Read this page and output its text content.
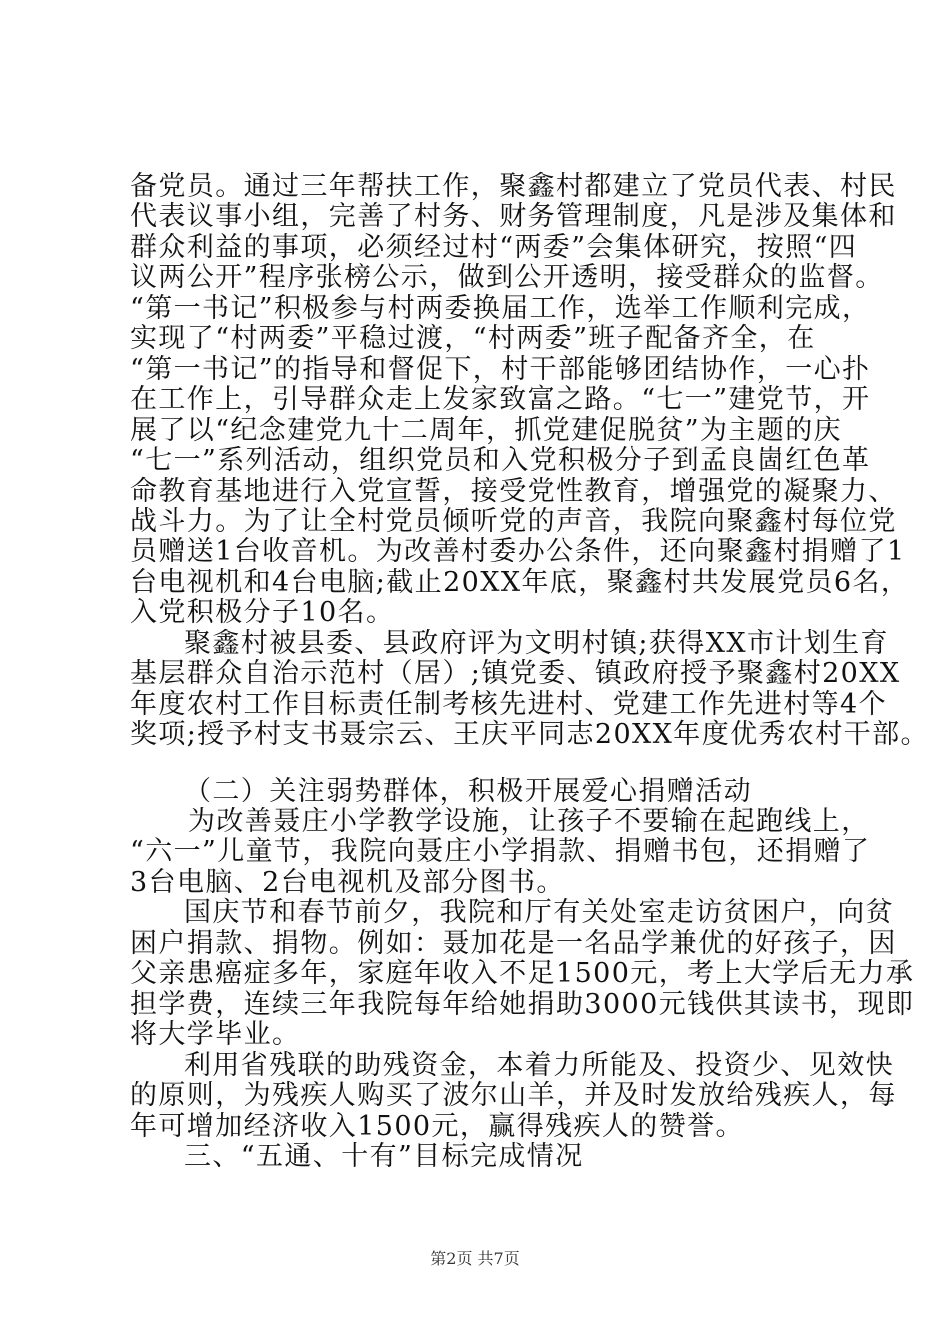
备党员。通过三年帮扶工作，聚鑫村都建立了党员代表、村民
代表议事小组，完善了村务、财务管理制度，凡是涉及集体和
群众利益的事项，必须经过村“两委”会集体研究，按照“四
议两公开”程序张榜公示，做到公开透明，接受群众的监督。
“第一书记”积极参与村两委换届工作，选举工作顺利完成，
实现了“村两委”平稳过渡，“村两委”班子配备齐全，在
“第一书记”的指导和督促下，村干部能够团结协作，一心扑
在工作上，引导群众走上发家致富之路。“七一”建党节，开
展了以“纪念建党九十二周年，抓党建促脱贫”为主题的庆
“七一”系列活动，组织党员和入党积极分子到孟良崮红色革
命教育基地进行入党宣誓，接受党性教育，增强党的凝聚力、
战斗力。为了让全村党员倾听党的声音，我院向聚鑫村每位党
员赠送1台收音机。为改善村委办公条件，还向聚鑫村捐赠了1
台电视机和4台电脑;截止20XX年底，聚鑫村共发展党员6名，
入党积极分子10名。
聚鑫村被县委、县政府评为文明村镇;获得XX市计划生育
基层群众自治示范村（居）;镇党委、镇政府授予聚鑫村20XX
年度农村工作目标责任制考核先进村、党建工作先进村等4个
奖项;授予村支书聂宗云、王庆平同志20XX年度优秀农村干部。
（二）关注弱势群体，积极开展爱心捐赠活动
为改善聂庄小学教学设施，让孩子不要输在起跑线上，
“六一”儿童节，我院向聂庄小学捐款、捐赠书包，还捐赠了
3台电脑、2台电视机及部分图书。
国庆节和春节前夕，我院和厅有关处室走访贫困户，向贫
困户捐款、捐物。例如：聂加花是一名品学兼优的好孩子，因
父亲患癌症多年，家庭年收入不足1500元，考上大学后无力承
担学费，连续三年我院每年给她捐助3000元钱供其读书，现即
将大学毕业。
利用省残联的助残资金，本着力所能及、投资少、见效快
的原则，为残疾人购买了波尔山羊，并及时发放给残疾人，每
年可增加经济收入1500元，赢得残疾人的赞誉。
三、“五通、十有”目标完成情况
第2页 共7页
